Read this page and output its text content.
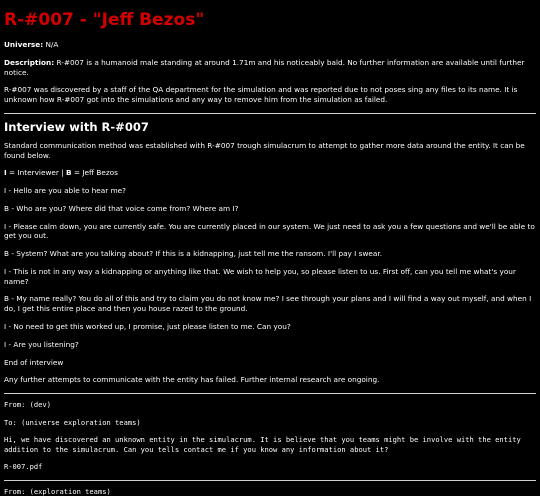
R-#007 - "Jeff Bezos"

Universe: N/A

Description: R-#007 is a humanoid male standing at around 1.71m and his noticeably bald. No further information are available until further notice.

R-#007 was discovered by a staff of the QA department for the simulation and was reported due to not poses sing any files to its name. It is unknown how R-#007 got into the simulations and any way to remove him from the simulation as failed.

Interview with R-#007

Standard communication method was established with R-#007 trough simulacrum to attempt to gather more data around the entity. It can be found below.

I = Interviewer | B = Jeff Bezos

I - Hello are you able to hear me?

B - Who are you? Where did that voice come from? Where am I?

I - Please calm down, you are currently safe. You are currently placed in our system. We just need to ask you a few questions and we'll be able to get you out.

B - System? What are you talking about? If this is a kidnapping, just tell me the ransom. I'll pay I swear.

I - This is not in any way a kidnapping or anything like that. We wish to help you, so please listen to us. First off, can you tell me what's your name?

B - My name really? You do all of this and try to claim you do not know me? I see through your plans and I will find a way out myself, and when I do, I get this entire place and then you house razed to the ground.

I - No need to get this worked up, I promise, just please listen to me. Can you?

I - Are you listening?

End of interview

Any further attempts to communicate with the entity has failed. Further internal research are ongoing.

From: (dev)

To: (universe exploration teams)

Hi, we have discovered an unknown entity in the simulacrum. It is believe that you teams might be involve with the entity addition to the simulacrum. Can you tells contact me if you know any information about it?

R-007.pdf

From: (exploration teams)
